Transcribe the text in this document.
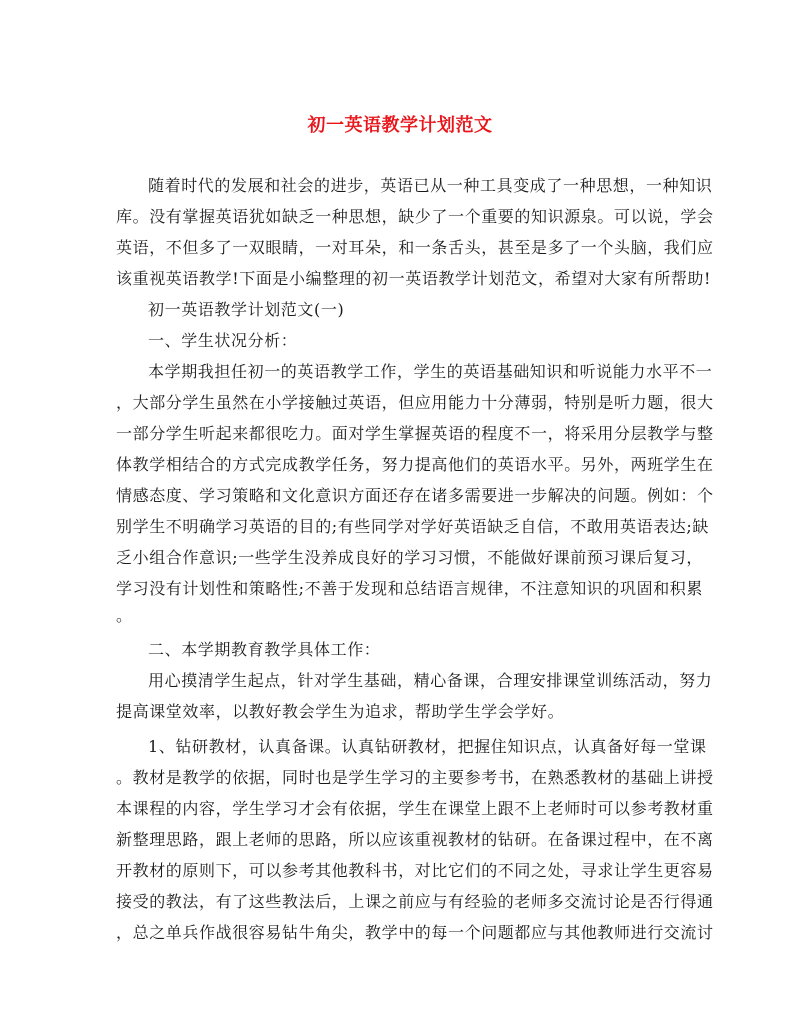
初一英语教学计划范文
随着时代的发展和社会的进步，英语已从一种工具变成了一种思想，一种知识
库。没有掌握英语犹如缺乏一种思想，缺少了一个重要的知识源泉。可以说，学会
英语，不但多了一双眼睛，一对耳朵，和一条舌头，甚至是多了一个头脑，我们应
该重视英语教学!下面是小编整理的初一英语教学计划范文，希望对大家有所帮助!
初一英语教学计划范文(一)
一、学生状况分析：
本学期我担任初一的英语教学工作，学生的英语基础知识和听说能力水平不一
，大部分学生虽然在小学接触过英语，但应用能力十分薄弱，特别是听力题，很大
一部分学生听起来都很吃力。面对学生掌握英语的程度不一，将采用分层教学与整
体教学相结合的方式完成教学任务，努力提高他们的英语水平。另外，两班学生在
情感态度、学习策略和文化意识方面还存在诸多需要进一步解决的问题。例如：个
别学生不明确学习英语的目的;有些同学对学好英语缺乏自信，不敢用英语表达;缺
乏小组合作意识;一些学生没养成良好的学习习惯，不能做好课前预习课后复习，
学习没有计划性和策略性;不善于发现和总结语言规律，不注意知识的巩固和积累
。
二、本学期教育教学具体工作：
用心摸清学生起点，针对学生基础，精心备课，合理安排课堂训练活动，努力
提高课堂效率，以教好教会学生为追求，帮助学生学会学好。
1、钻研教材，认真备课。认真钻研教材，把握住知识点，认真备好每一堂课
。教材是教学的依据，同时也是学生学习的主要参考书，在熟悉教材的基础上讲授
本课程的内容，学生学习才会有依据，学生在课堂上跟不上老师时可以参考教材重
新整理思路，跟上老师的思路，所以应该重视教材的钻研。在备课过程中，在不离
开教材的原则下，可以参考其他教科书，对比它们的不同之处，寻求让学生更容易
接受的教法，有了这些教法后，上课之前应与有经验的老师多交流讨论是否行得通
，总之单兵作战很容易钻牛角尖，教学中的每一个问题都应与其他教师进行交流讨
